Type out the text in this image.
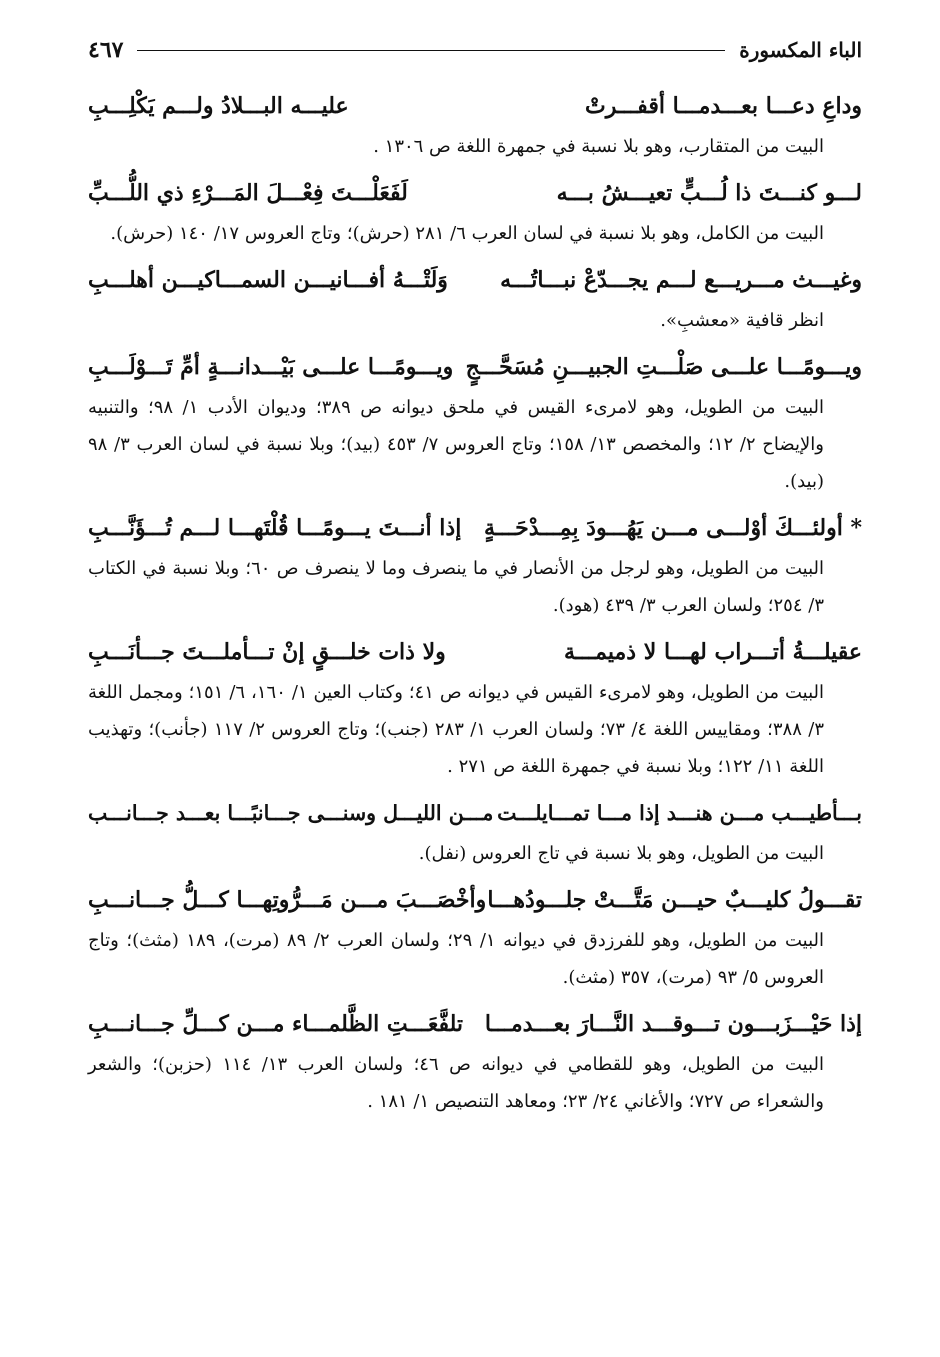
الباء المكسورة
٤٦٧
وداعِ دعـــا بعـــدمـــا أقفـــرتْ
عليـــه البـــلادُ ولـــم يَكْلِـــبِ
البيت من المتقارب، وهو بلا نسبة في جمهرة اللغة ص ١٣٠٦ .
لـــو كنـــتَ ذا لُـــبٍّ تعيـــشُ بـــه
لَفَعَلْـــتَ فِعْـــلَ المَـــرْءِ ذي اللُّـــبِّ
البيت من الكامل، وهو بلا نسبة في لسان العرب ٦/ ٢٨١ (حرش)؛ وتاج العروس ١٧/ ١٤٠ (حرش).
وغيـــث مـــريـــع لـــم يجـــدّعْ نبـــاتُـــه
وَلَتْـــهُ أفـــانيـــن السمـــاكيـــن أهلـــبِ
انظر قافية «معشبِ».
ويـــومًـــا علـــى صَلْـــتِ الجبيـــنِ مُسَحَّـــجٍ
ويـــومًـــا علـــى بَيْـــدانـــةٍ أمِّ تَـــوْلَـــبِ
البيت من الطويل، وهو لامرىء القيس في ملحق ديوانه ص ٣٨٩؛ وديوان الأدب ١/ ٩٨؛ والتنبيه والإيضاح ٢/ ١٢؛ والمخصص ١٣/ ١٥٨؛ وتاج العروس ٧/ ٤٥٣ (بيد)؛ وبلا نسبة في لسان العرب ٣/ ٩٨ (بيد).
* أولئـــكَ أوْلـــى مـــن يَهُـــودَ بِمِـــدْحَـــةٍ
إذا أنـــتَ يـــومًـــا قُلْتَهـــا لـــم تُـــؤَنَّـــبِ
البيت من الطويل، وهو لرجل من الأنصار في ما ينصرف وما لا ينصرف ص ٦٠؛ وبلا نسبة في الكتاب ٣/ ٢٥٤؛ ولسان العرب ٣/ ٤٣٩ (هود).
عقيلـــةُ أتـــراب لهـــا لا ذميمـــة
ولا ذات خلـــقٍ إنْ تـــأملـــتَ جـــأنَـــبِ
البيت من الطويل، وهو لامرىء القيس في ديوانه ص ٤١؛ وكتاب العين ١/ ١٦٠، ٦/ ١٥١؛ ومجمل اللغة ٣/ ٣٨٨؛ ومقاييس اللغة ٤/ ٧٣؛ ولسان العرب ١/ ٢٨٣ (جنب)؛ وتاج العروس ٢/ ١١٧ (جأنب)؛ وتهذيب اللغة ١١/ ١٢٢؛ وبلا نسبة في جمهرة اللغة ص ٢٧١ .
بـــأطيـــب مـــن هنـــد إذا مـــا تمـــايلـــت
مـــن الليـــل وسنـــى جـــانبًـــا بعـــد جـــانـــب
البيت من الطويل، وهو بلا نسبة في تاج العروس (نفل).
تقـــولُ كليـــبٌ حيـــن مَتَّـــتْ جلـــودُهـــا
وأخْصَـــبَ مـــن مَـــرُّوتِهـــا كـــلُّ جـــانـــبِ
البيت من الطويل، وهو للفرزدق في ديوانه ١/ ٢٩؛ ولسان العرب ٢/ ٨٩ (مرت)، ١٨٩ (مثث)؛ وتاج العروس ٥/ ٩٣ (مرت)، ٣٥٧ (مثث).
إذا حَيْـــزَبـــون تـــوقـــد النَّـــارَ بعـــدمـــا
تلفَّعَـــتِ الظَّلمـــاء مـــن كـــلِّ جـــانـــبِ
البيت من الطويل، وهو للقطامي في ديوانه ص ٤٦؛ ولسان العرب ١٣/ ١١٤ (حزبن)؛ والشعر والشعراء ص ٧٢٧؛ والأغاني ٢٤/ ٢٣؛ ومعاهد التنصيص ١/ ١٨١ .
